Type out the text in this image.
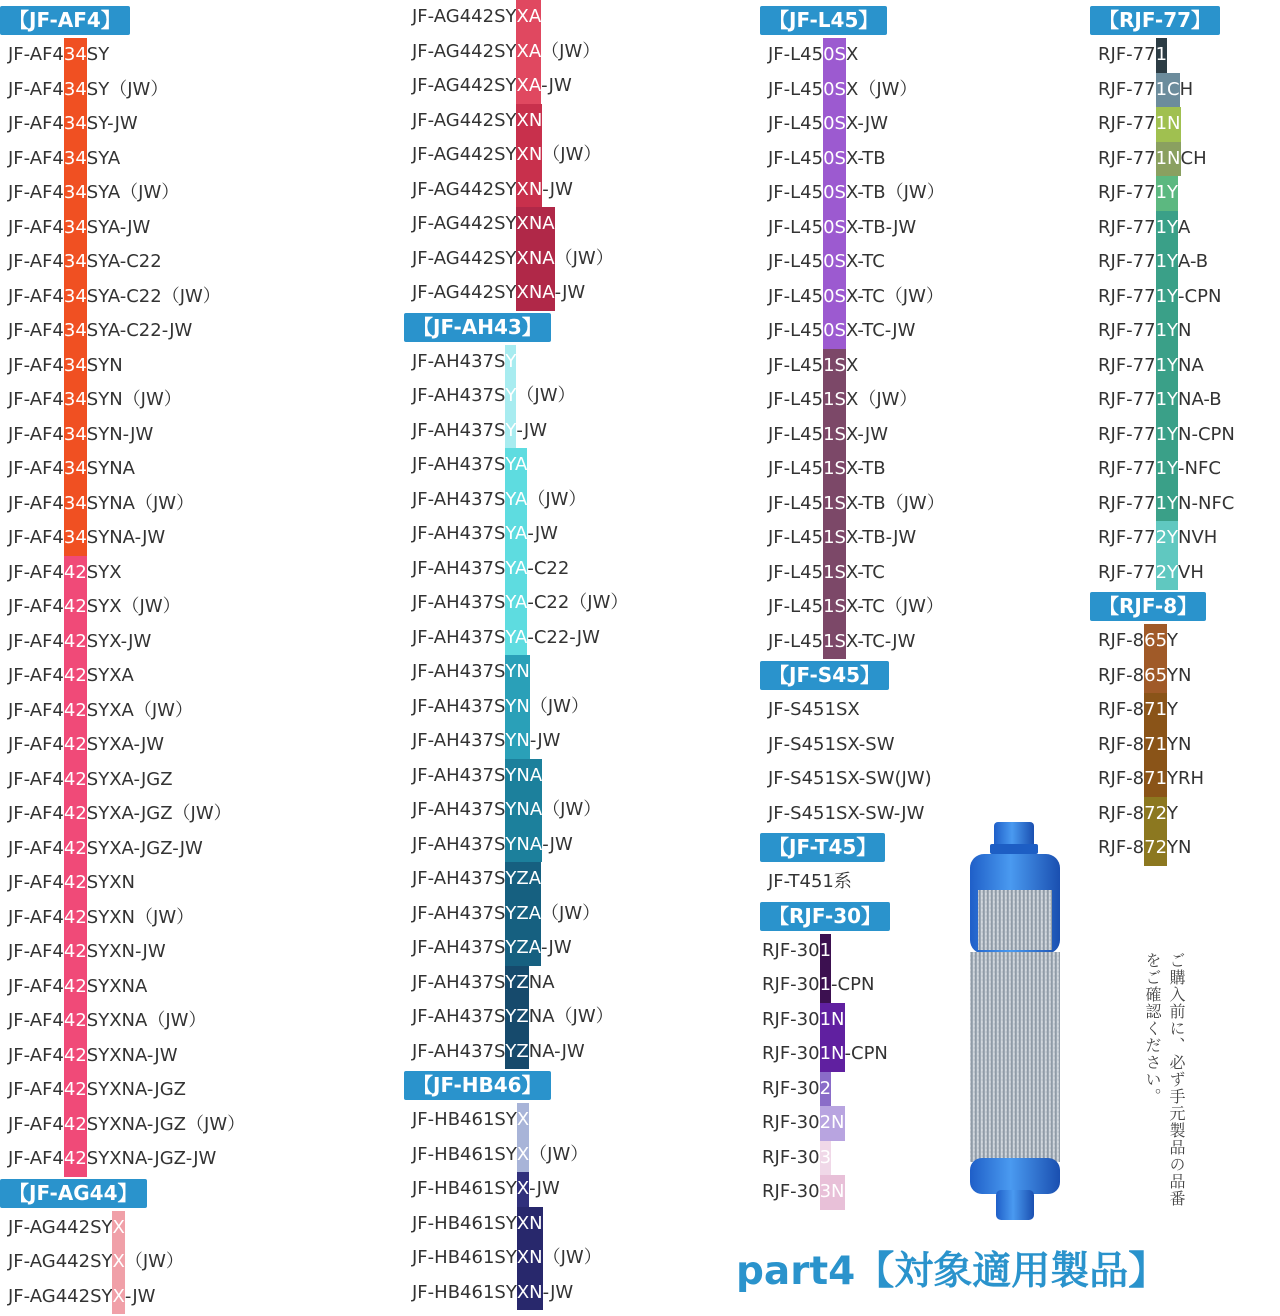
【JF-AF4】
JF-AF434SY
JF-AF434SY（JW）
JF-AF434SY-JW
JF-AF434SYA
JF-AF434SYA（JW）
JF-AF434SYA-JW
JF-AF434SYA-C22
JF-AF434SYA-C22（JW）
JF-AF434SYA-C22-JW
JF-AF434SYN
JF-AF434SYN（JW）
JF-AF434SYN-JW
JF-AF434SYNA
JF-AF434SYNA（JW）
JF-AF434SYNA-JW
JF-AF442SYX
JF-AF442SYX（JW）
JF-AF442SYX-JW
JF-AF442SYXA
JF-AF442SYXA（JW）
JF-AF442SYXA-JW
JF-AF442SYXA-JGZ
JF-AF442SYXA-JGZ（JW）
JF-AF442SYXA-JGZ-JW
JF-AF442SYXN
JF-AF442SYXN（JW）
JF-AF442SYXN-JW
JF-AF442SYXNA
JF-AF442SYXNA（JW）
JF-AF442SYXNA-JW
JF-AF442SYXNA-JGZ
JF-AF442SYXNA-JGZ（JW）
JF-AF442SYXNA-JGZ-JW
【JF-AG44】
JF-AG442SYX
JF-AG442SYX（JW）
JF-AG442SYX-JW
JF-AG442SYXA
JF-AG442SYXA（JW）
JF-AG442SYXA-JW
JF-AG442SYXN
JF-AG442SYXN（JW）
JF-AG442SYXN-JW
JF-AG442SYXNA
JF-AG442SYXNA（JW）
JF-AG442SYXNA-JW
【JF-AH43】
JF-AH437SY
JF-AH437SY（JW）
JF-AH437SY-JW
JF-AH437SYA
JF-AH437SYA（JW）
JF-AH437SYA-JW
JF-AH437SYA-C22
JF-AH437SYA-C22（JW）
JF-AH437SYA-C22-JW
JF-AH437SYN
JF-AH437SYN（JW）
JF-AH437SYN-JW
JF-AH437SYNA
JF-AH437SYNA（JW）
JF-AH437SYNA-JW
JF-AH437SYZA
JF-AH437SYZA（JW）
JF-AH437SYZA-JW
JF-AH437SYZNA
JF-AH437SYZNA（JW）
JF-AH437SYZNA-JW
【JF-HB46】
JF-HB461SYX
JF-HB461SYX（JW）
JF-HB461SYX-JW
JF-HB461SYXN
JF-HB461SYXN（JW）
JF-HB461SYXN-JW
【JF-L45】
JF-L450SX
JF-L450SX（JW）
JF-L450SX-JW
JF-L450SX-TB
JF-L450SX-TB（JW）
JF-L450SX-TB-JW
JF-L450SX-TC
JF-L450SX-TC（JW）
JF-L450SX-TC-JW
JF-L451SX
JF-L451SX（JW）
JF-L451SX-JW
JF-L451SX-TB
JF-L451SX-TB（JW）
JF-L451SX-TB-JW
JF-L451SX-TC
JF-L451SX-TC（JW）
JF-L451SX-TC-JW
【JF-S45】
JF-S451SX
JF-S451SX-SW
JF-S451SX-SW(JW)
JF-S451SX-SW-JW
【JF-T45】
JF-T451系
【RJF-30】
RJF-301
RJF-301-CPN
RJF-301N
RJF-301N-CPN
RJF-302
RJF-302N
RJF-303
RJF-303N
【RJF-77】
RJF-771
RJF-771CH
RJF-771N
RJF-771NCH
RJF-771Y
RJF-771YA
RJF-771YA-B
RJF-771Y-CPN
RJF-771YN
RJF-771YNA
RJF-771YNA-B
RJF-771YN-CPN
RJF-771Y-NFC
RJF-771YN-NFC
RJF-772YNVH
RJF-772YVH
【RJF-8】
RJF-865Y
RJF-865YN
RJF-871Y
RJF-871YN
RJF-871YRH
RJF-872Y
RJF-872YN
ご購入前に、必ず手元製品の品番をご確認ください。
part4【対象適用製品】
